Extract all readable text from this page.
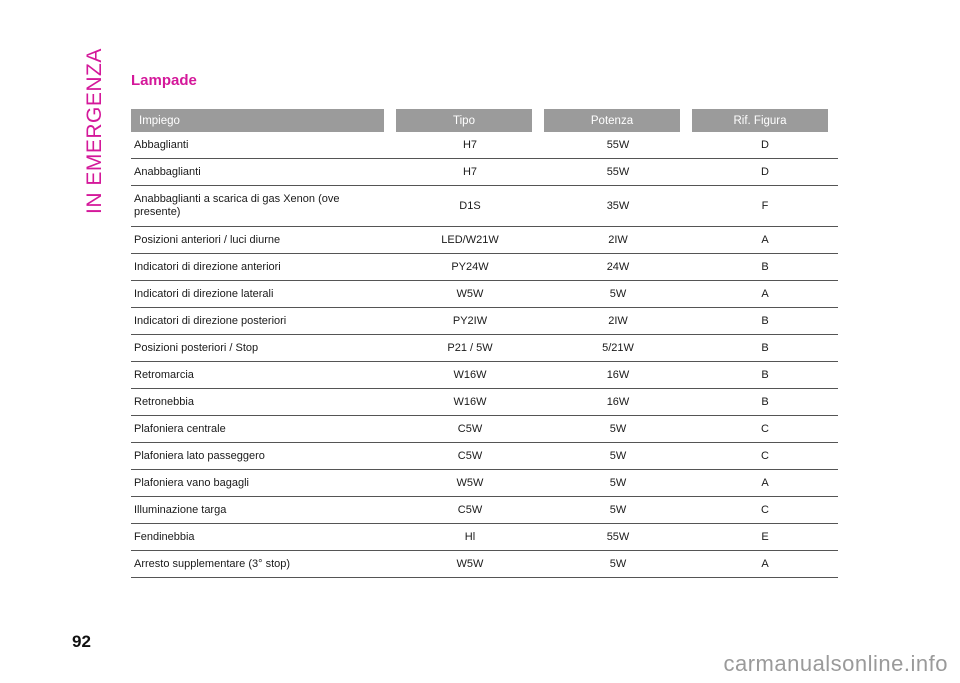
IN EMERGENZA Lampade
Impiego	Tipo	Potenza	Rif. Figura
Abbaglianti	H7	55W	D
Anabbaglianti	H7	55W	D
Anabbaglianti a scarica di gas Xenon (ove presente)	D1S	35W	F
Posizioni anteriori / luci diurne	LED/W21W	2IW	A
Indicatori di direzione anteriori	PY24W	24W	B
Indicatori di direzione laterali	W5W	5W	A
Indicatori di direzione posteriori	PY2IW	2IW	B
Posizioni posteriori / Stop	P21 / 5W	5/21W	B
Retromarcia	W16W	16W	B
Retronebbia	W16W	16W	B
Plafoniera centrale	C5W	5W	C
Plafoniera lato passeggero	C5W	5W	C
Plafoniera vano bagagli	W5W	5W	A
Illuminazione targa	C5W	5W	C
Fendinebbia	Hl	55W	E
Arresto supplementare (3° stop)	W5W	5W	A
92
carmanualsonline.info
